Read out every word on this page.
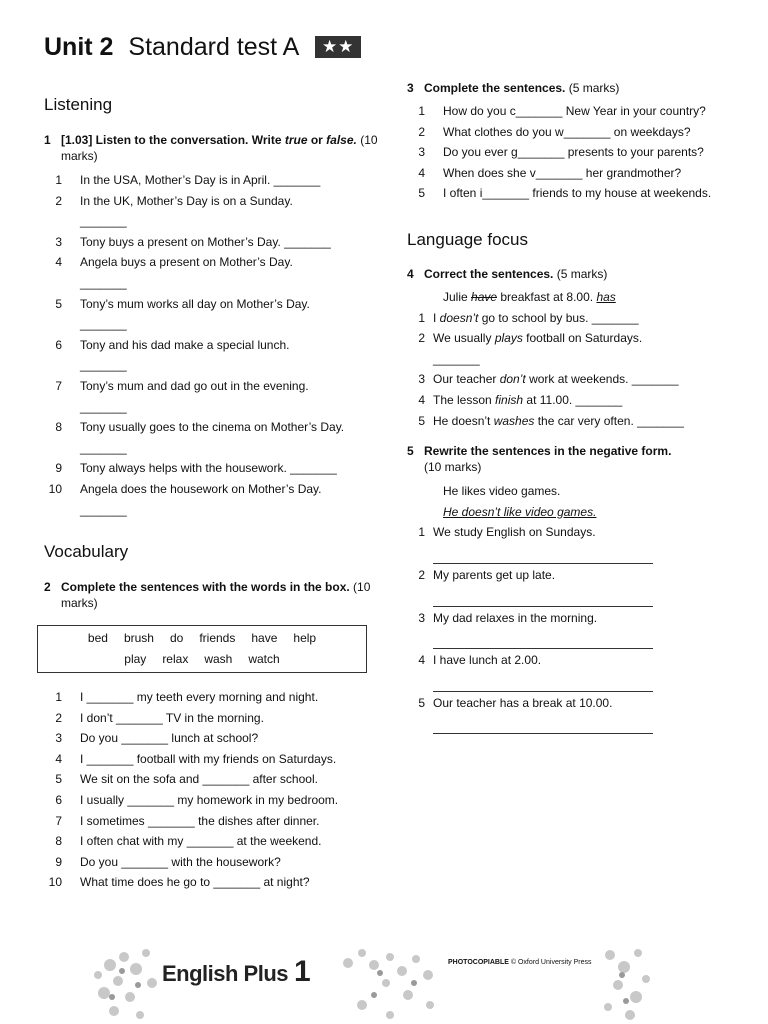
Unit 2 Standard test A ★★
Listening
1 [1.03] Listen to the conversation. Write true or false. (10 marks)
1	In the USA, Mother’s Day is in April. _______
2	In the UK, Mother’s Day is on a Sunday.
_______
3	Tony buys a present on Mother’s Day. _______
4	Angela buys a present on Mother’s Day.
_______
5	Tony’s mum works all day on Mother’s Day.
_______
6	Tony and his dad make a special lunch.
_______
7	Tony’s mum and dad go out in the evening.
_______
8	Tony usually goes to the cinema on Mother’s Day. _______
9	Tony always helps with the housework. _______
10	Angela does the housework on Mother’s Day.
_______
Vocabulary
2 Complete the sentences with the words in the box. (10 marks)
bed brush do friends have help
play relax wash watch
1	I _______ my teeth every morning and night.
2	I don’t _______ TV in the morning.
3	Do you _______ lunch at school?
4	I _______ football with my friends on Saturdays.
5	We sit on the sofa and _______ after school.
6	I usually _______ my homework in my bedroom.
7	I sometimes _______ the dishes after dinner.
8	I often chat with my _______ at the weekend.
9	Do you _______ with the housework?
10	What time does he go to _______ at night?
3 Complete the sentences. (5 marks)
1	How do you c_______ New Year in your country?
2	What clothes do you w_______ on weekdays?
3	Do you ever g_______ presents to your parents?
4	When does she v_______ her grandmother?
5	I often i_______ friends to my house at weekends.
Language focus
4 Correct the sentences. (5 marks)
Julie have breakfast at 8.00. has
1 I doesn’t go to school by bus. _______
2 We usually plays football on Saturdays.
_______
3 Our teacher don’t work at weekends. _______
4 The lesson finish at 11.00. _______
5 He doesn’t washes the car very often. _______
5 Rewrite the sentences in the negative form.
(10 marks)
He likes video games.
He doesn’t like video games.
1 We study English on Sundays.
2 My parents get up late.
3 My dad relaxes in the morning.
4 I have lunch at 2.00.
5 Our teacher has a break at 10.00.
English Plus 1	PHOTOCOPIABLE © Oxford University Press
